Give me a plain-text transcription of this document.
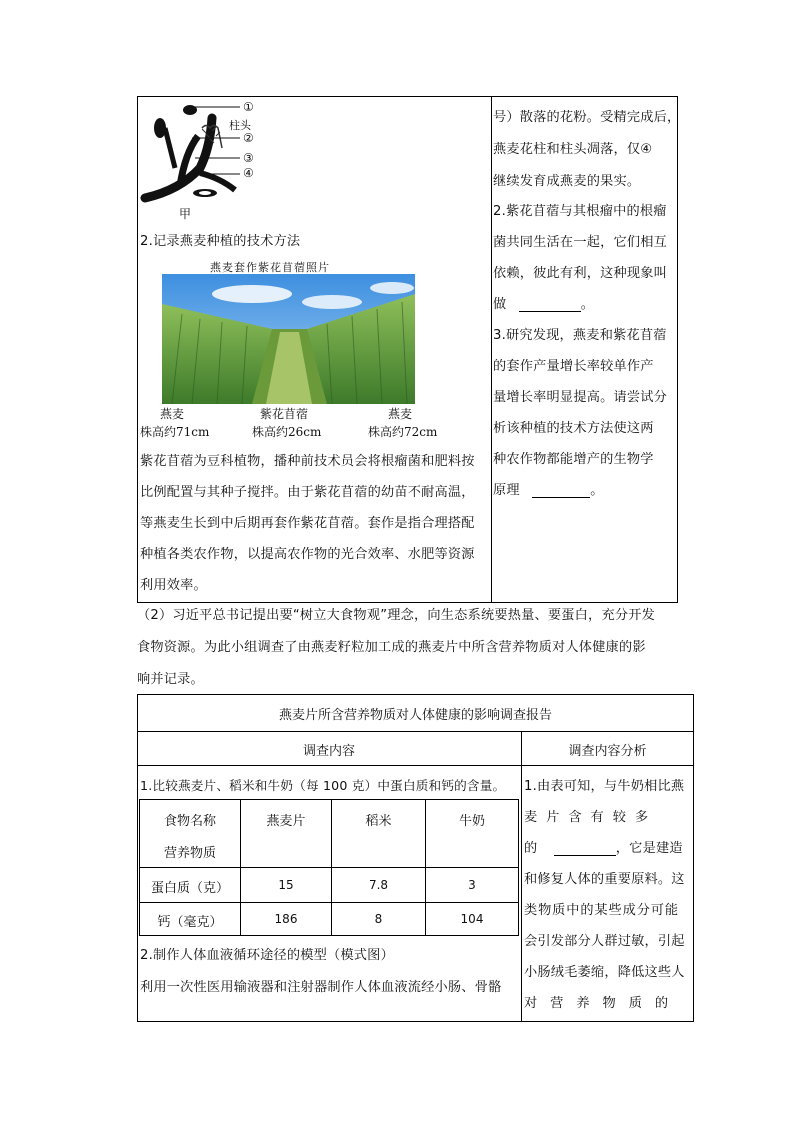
①
柱头
②
③
④
甲
2.记录燕麦种植的技术方法
燕麦套作紫花苜蓿照片
燕麦	紫花苜蓿	燕麦
株高约71cm	株高约26cm	株高约72cm
紫花苜蓿为豆科植物，播种前技术员会将根瘤菌和肥料按
比例配置与其种子搅拌。由于紫花苜蓿的幼苗不耐高温，
等燕麦生长到中后期再套作紫花苜蓿。套作是指合理搭配
种植各类农作物，以提高农作物的光合效率、水肥等资源
利用效率。
号）散落的花粉。受精完成后，
燕麦花柱和柱头凋落，仅④
继续发育成燕麦的果实。
2.紫花苜蓿与其根瘤中的根瘤
菌共同生活在一起，它们相互
依赖，彼此有利，这种现象叫
做	。
3.研究发现，燕麦和紫花苜蓿
的套作产量增长率较单作产
量增长率明显提高。请尝试分
析该种植的技术方法使这两
种农作物都能增产的生物学
原理	。
（2）习近平总书记提出要“树立大食物观”理念，向生态系统要热量、要蛋白，充分开发
食物资源。为此小组调查了由燕麦籽粒加工成的燕麦片中所含营养物质对人体健康的影
响并记录。
燕麦片所含营养物质对人体健康的影响调查报告
调查内容	调查内容分析
1.比较燕麦片、稻米和牛奶（每 100 克）中蛋白质和钙的含量。
食物名称
营养物质
燕麦片	稻米	牛奶
蛋白质（克）	15	7.8	3
钙（毫克）	186	8	104
2.制作人体血液循环途径的模型（模式图）
利用一次性医用输液器和注射器制作人体血液流经小肠、骨骼
1.由表可知，与牛奶相比燕
麦片含有较多
的	，它是建造
和修复人体的重要原料。这
类物质中的某些成分可能
会引发部分人群过敏，引起
小肠绒毛萎缩，降低这些人
对营养物质的
